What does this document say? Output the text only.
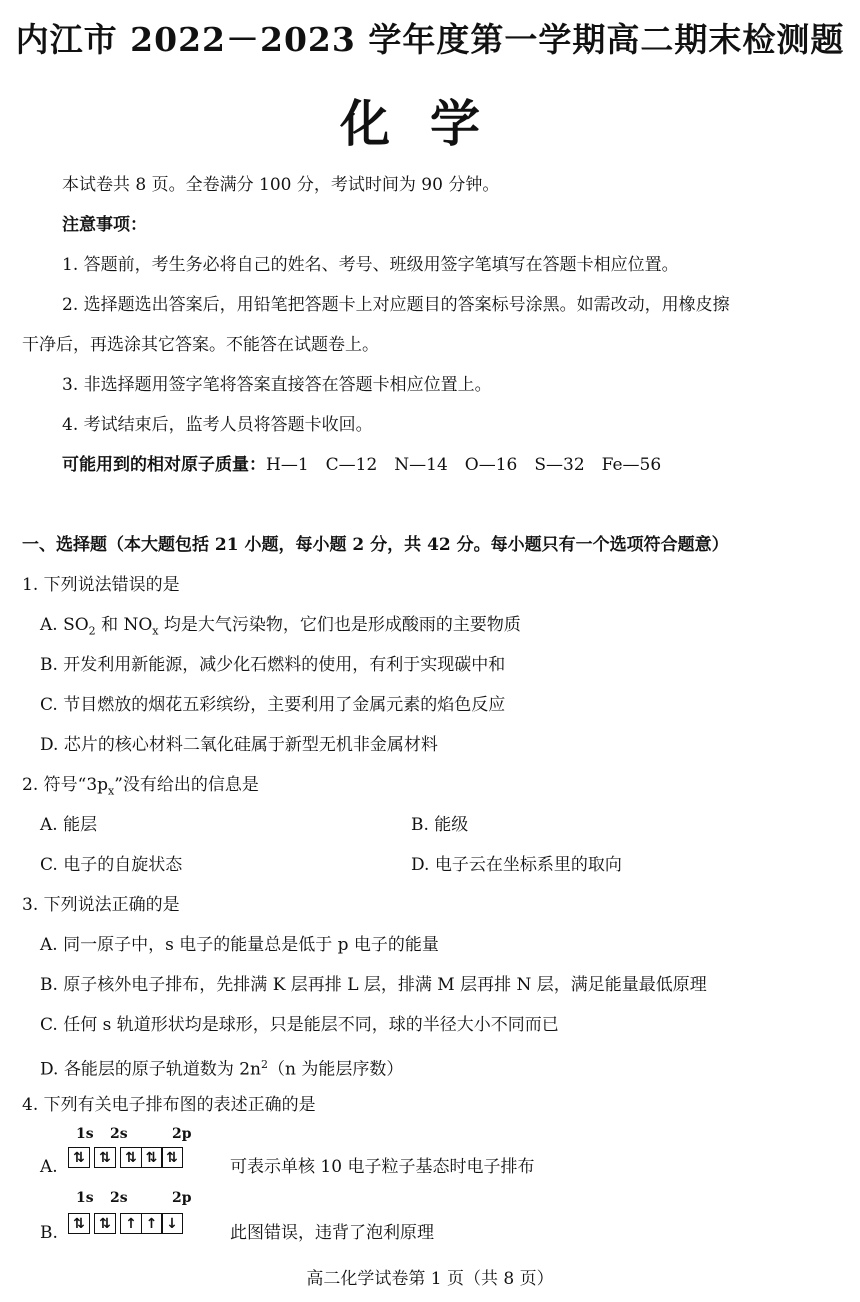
内江市 2022－2023 学年度第一学期高二期末检测题
化学
本试卷共 8 页。全卷满分 100 分，考试时间为 90 分钟。
注意事项：
1. 答题前，考生务必将自己的姓名、考号、班级用签字笔填写在答题卡相应位置。
2. 选择题选出答案后，用铅笔把答题卡上对应题目的答案标号涂黑。如需改动，用橡皮擦
干净后，再选涂其它答案。不能答在试题卷上。
3. 非选择题用签字笔将答案直接答在答题卡相应位置上。
4. 考试结束后，监考人员将答题卡收回。
可能用到的相对原子质量：H—1　C—12　N—14　O—16　S—32　Fe—56
一、选择题（本大题包括 21 小题，每小题 2 分，共 42 分。每小题只有一个选项符合题意）
1. 下列说法错误的是
A. $SO_2$ 和 $NO_x$ 均是大气污染物，它们也是形成酸雨的主要物质
B. 开发利用新能源，减少化石燃料的使用，有利于实现碳中和
C. 节目燃放的烟花五彩缤纷，主要利用了金属元素的焰色反应
D. 芯片的核心材料二氧化硅属于新型无机非金属材料
2. 符号“$3p_x$”没有给出的信息是
A. 能层	B. 能级
C. 电子的自旋状态	D. 电子云在坐标系里的取向
3. 下列说法正确的是
A. 同一原子中，s 电子的能量总是低于 p 电子的能量
B. 原子核外电子排布，先排满 K 层再排 L 层，排满 M 层再排 N 层，满足能量最低原理
C. 任何 s 轨道形状均是球形，只是能层不同，球的半径大小不同而已
D. 各能层的原子轨道数为 $2n^2(n$ 为能层序数）
4. 下列有关电子排布图的表述正确的是
1s 2s	2p
A.	⇅	⇅	⇅ ⇅ ⇅	可表示单核 10 电子粒子基态时电子排布
1s 2s	2p
B.	⇅	⇅	↑ ↑ ↓	此图错误，违背了泡利原理
高二化学试卷第 1 页（共 8 页）
